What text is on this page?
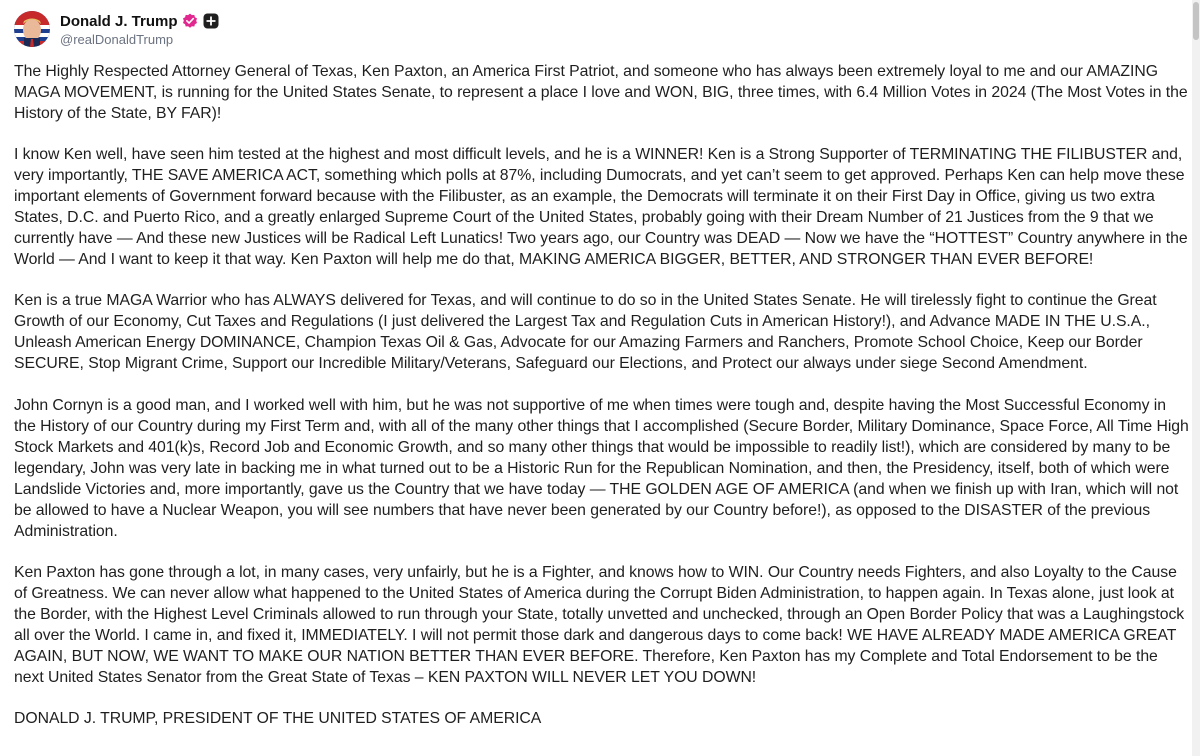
Donald J. Trump
@realDonaldTrump

The Highly Respected Attorney General of Texas, Ken Paxton, an America First Patriot, and someone who has always been extremely loyal to me and our AMAZING MAGA MOVEMENT, is running for the United States Senate, to represent a place I love and WON, BIG, three times, with 6.4 Million Votes in 2024 (The Most Votes in the History of the State, BY FAR)!

I know Ken well, have seen him tested at the highest and most difficult levels, and he is a WINNER! Ken is a Strong Supporter of TERMINATING THE FILIBUSTER and, very importantly, THE SAVE AMERICA ACT, something which polls at 87%, including Dumocrats, and yet can’t seem to get approved. Perhaps Ken can help move these important elements of Government forward because with the Filibuster, as an example, the Democrats will terminate it on their First Day in Office, giving us two extra States, D.C. and Puerto Rico, and a greatly enlarged Supreme Court of the United States, probably going with their Dream Number of 21 Justices from the 9 that we currently have — And these new Justices will be Radical Left Lunatics! Two years ago, our Country was DEAD — Now we have the “HOTTEST” Country anywhere in the World — And I want to keep it that way. Ken Paxton will help me do that, MAKING AMERICA BIGGER, BETTER, AND STRONGER THAN EVER BEFORE!

Ken is a true MAGA Warrior who has ALWAYS delivered for Texas, and will continue to do so in the United States Senate. He will tirelessly fight to continue the Great Growth of our Economy, Cut Taxes and Regulations (I just delivered the Largest Tax and Regulation Cuts in American History!), and Advance MADE IN THE U.S.A., Unleash American Energy DOMINANCE, Champion Texas Oil & Gas, Advocate for our Amazing Farmers and Ranchers, Promote School Choice, Keep our Border SECURE, Stop Migrant Crime, Support our Incredible Military/Veterans, Safeguard our Elections, and Protect our always under siege Second Amendment.

John Cornyn is a good man, and I worked well with him, but he was not supportive of me when times were tough and, despite having the Most Successful Economy in the History of our Country during my First Term and, with all of the many other things that I accomplished (Secure Border, Military Dominance, Space Force, All Time High Stock Markets and 401(k)s, Record Job and Economic Growth, and so many other things that would be impossible to readily list!), which are considered by many to be legendary, John was very late in backing me in what turned out to be a Historic Run for the Republican Nomination, and then, the Presidency, itself, both of which were Landslide Victories and, more importantly, gave us the Country that we have today — THE GOLDEN AGE OF AMERICA (and when we finish up with Iran, which will not be allowed to have a Nuclear Weapon, you will see numbers that have never been generated by our Country before!), as opposed to the DISASTER of the previous Administration.

Ken Paxton has gone through a lot, in many cases, very unfairly, but he is a Fighter, and knows how to WIN. Our Country needs Fighters, and also Loyalty to the Cause of Greatness. We can never allow what happened to the United States of America during the Corrupt Biden Administration, to happen again. In Texas alone, just look at the Border, with the Highest Level Criminals allowed to run through your State, totally unvetted and unchecked, through an Open Border Policy that was a Laughingstock all over the World. I came in, and fixed it, IMMEDIATELY. I will not permit those dark and dangerous days to come back! WE HAVE ALREADY MADE AMERICA GREAT AGAIN, BUT NOW, WE WANT TO MAKE OUR NATION BETTER THAN EVER BEFORE. Therefore, Ken Paxton has my Complete and Total Endorsement to be the next United States Senator from the Great State of Texas – KEN PAXTON WILL NEVER LET YOU DOWN!

DONALD J. TRUMP, PRESIDENT OF THE UNITED STATES OF AMERICA
